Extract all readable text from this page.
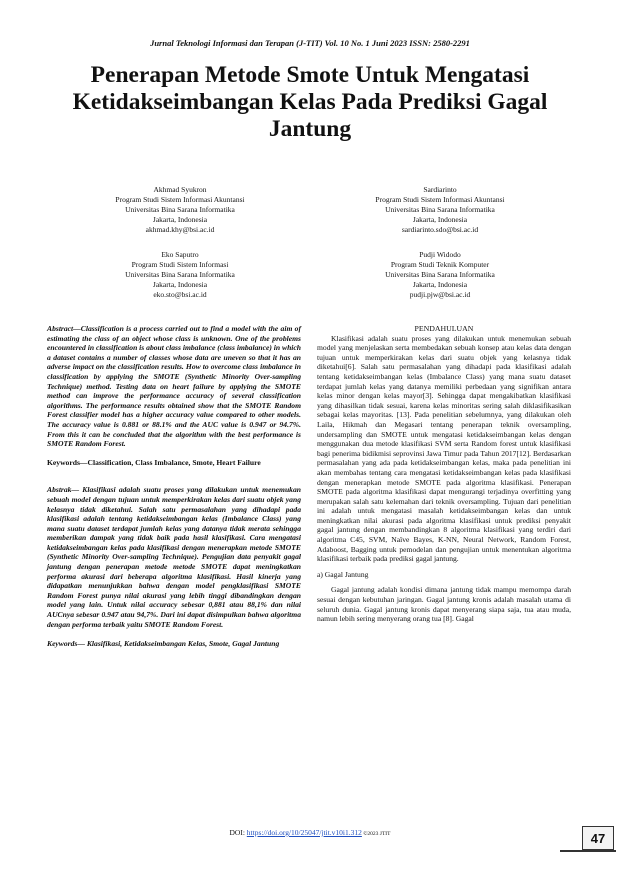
Jurnal Teknologi Informasi dan Terapan (J-TIT) Vol. 10 No. 1 Juni 2023 ISSN: 2580-2291
Penerapan Metode Smote Untuk Mengatasi Ketidakseimbangan Kelas Pada Prediksi Gagal Jantung
Akhmad Syukron
Program Studi Sistem Informasi Akuntansi
Universitas Bina Sarana Informatika
Jakarta, Indonesia
akhmad.khy@bsi.ac.id
Sardiarinto
Program Studi Sistem Informasi Akuntansi
Universitas Bina Sarana Informatika
Jakarta, Indonesia
sardiarinto.sdo@bsi.ac.id
Eko Saputro
Program Studi Sistem Informasi
Universitas Bina Sarana Informatika
Jakarta, Indonesia
eko.sto@bsi.ac.id
Pudji Widodo
Program Studi Teknik Komputer
Universitas Bina Sarana Informatika
Jakarta, Indonesia
pudji.pjw@bsi.ac.id

Abstract—Classification is a process carried out to find a model with the aim of estimating the class of an object whose class is unknown. One of the problems encountered in classification is about class imbalance (class imbalance) in which a dataset contains a number of classes whose data are uneven so that it has an adverse impact on the classification results. How to overcome class imbalance in classification by applying the SMOTE (Synthetic Minority Over-sampling Technique) method. Testing data on heart failure by applying the SMOTE method can improve the performance accuracy of several classification algorithms. The performance results obtained show that the SMOTE Random Forest classifier model has a higher accuracy value compared to other models. The accuracy value is 0.881 or 88.1% and the AUC value is 0.947 or 94.7%. From this it can be concluded that the algorithm with the best performance is SMOTE Random Forest.

Keywords—Classification, Class Imbalance, Smote, Heart Failure

Abstrak— Klasifikasi adalah suatu proses yang dilakukan untuk menemukan sebuah model dengan tujuan untuk memperkirakan kelas dari suatu objek yang kelasnya tidak diketahui. Salah satu permasalahan yang dihadapi pada klasifikasi adalah tentang ketidakseimbangan kelas (Imbalance Class) yang mana suatu dataset terdapat jumlah kelas yang datanya tidak merata sehingga memberikan dampak yang tidak baik pada hasil klasifikasi. Cara mengatasi ketidakseimbangan kelas pada klasifikasi dengan menerapkan metode SMOTE (Synthetic Minority Over-sampling Technique). Pengujian data penyakit gagal jantung dengan penerapan metode metode SMOTE dapat meningkatkan performa akurasi dari beberapa algoritma klasifikasi. Hasil kinerja yang didapatkan menunjukkan bahwa dengan model pengklasifikasi SMOTE Random Forest punya nilai akurasi yang lebih tinggi dibandingkan dengan model yang lain. Untuk nilai accuracy sebesar 0,881 atau 88,1% dan nilai AUCnya sebesar 0.947 atau 94,7%. Dari ini dapat disimpulkan bahwa algoritma dengan performa terbaik yaitu SMOTE Random Forest.

Keywords— Klasifikasi, Ketidakseimbangan Kelas, Smote, Gagal Jantung

PENDAHULUAN

Klasifikasi adalah suatu proses yang dilakukan untuk menemukan sebuah model yang menjelaskan serta membedakan sebuah konsep atau kelas data dengan tujuan untuk memperkirakan kelas dari suatu objek yang kelasnya tidak diketahui[6]. Salah satu permasalahan yang dihadapi pada klasifikasi adalah tentang ketidakseimbangan kelas (Imbalance Class) yang mana suatu dataset terdapat jumlah kelas yang datanya memiliki perbedaan yang signifikan antara kelas minor dengan kelas mayor[3]. Sehingga dapat mengakibatkan klasifikasi yang dihasilkan tidak sesuai, karena kelas minoritas sering salah diklasifikasikan sebagai kelas mayoritas. [13]. Pada penelitian sebelumnya, yang dilakukan oleh Laila, Hikmah dan Megasari tentang penerapan teknik oversampling, undersampling dan SMOTE untuk mengatasi ketidakseimbangan kelas dengan menggunakan dua metode klasifikasi SVM serta Random forest untuk klasifikasi bagi penerima bidikmisi seprovinsi Jawa Timur pada Tahun 2017[12]. Berdasarkan permasalahan yang ada pada ketidakseimbangan kelas, maka pada penelitian ini akan membahas tentang cara mengatasi ketidakseimbangan kelas pada klasifikasi dengan menerapkan metode SMOTE pada algoritma klasifikasi. Penerapan SMOTE pada algoritma klasifikasi dapat mengurangi terjadinya overfitting yang merupakan salah satu kelemahan dari teknik oversampling. Tujuan dari penelitian ini adalah untuk mengatasi masalah ketidakseimbangan kelas dan untuk meningkatkan nilai akurasi pada algoritma klasifikasi untuk prediksi penyakit gagal jantung dengan membandingkan 8 algoritma klasifikasi yang terdiri dari algoritma C45, SVM, Naïve Bayes, K-NN, Neural Network, Random Forest, Adaboost, Bagging untuk pemodelan dan pengujian untuk menentukan algoritma klasifikasi terbaik pada prediksi gagal jantung.

a) Gagal Jantung

Gagal jantung adalah kondisi dimana jantung tidak mampu memompa darah sesuai dengan kebutuhan jaringan. Gagal jantung kronis adalah masalah utama di seluruh dunia. Gagal jantung kronis dapat menyerang siapa saja, tua atau muda, namun lebih sering menyerang orang tua [8]. Gagal

DOI: https://doi.org/10/25047/jtit.v10i1.312 ©2023 JTIT	47
